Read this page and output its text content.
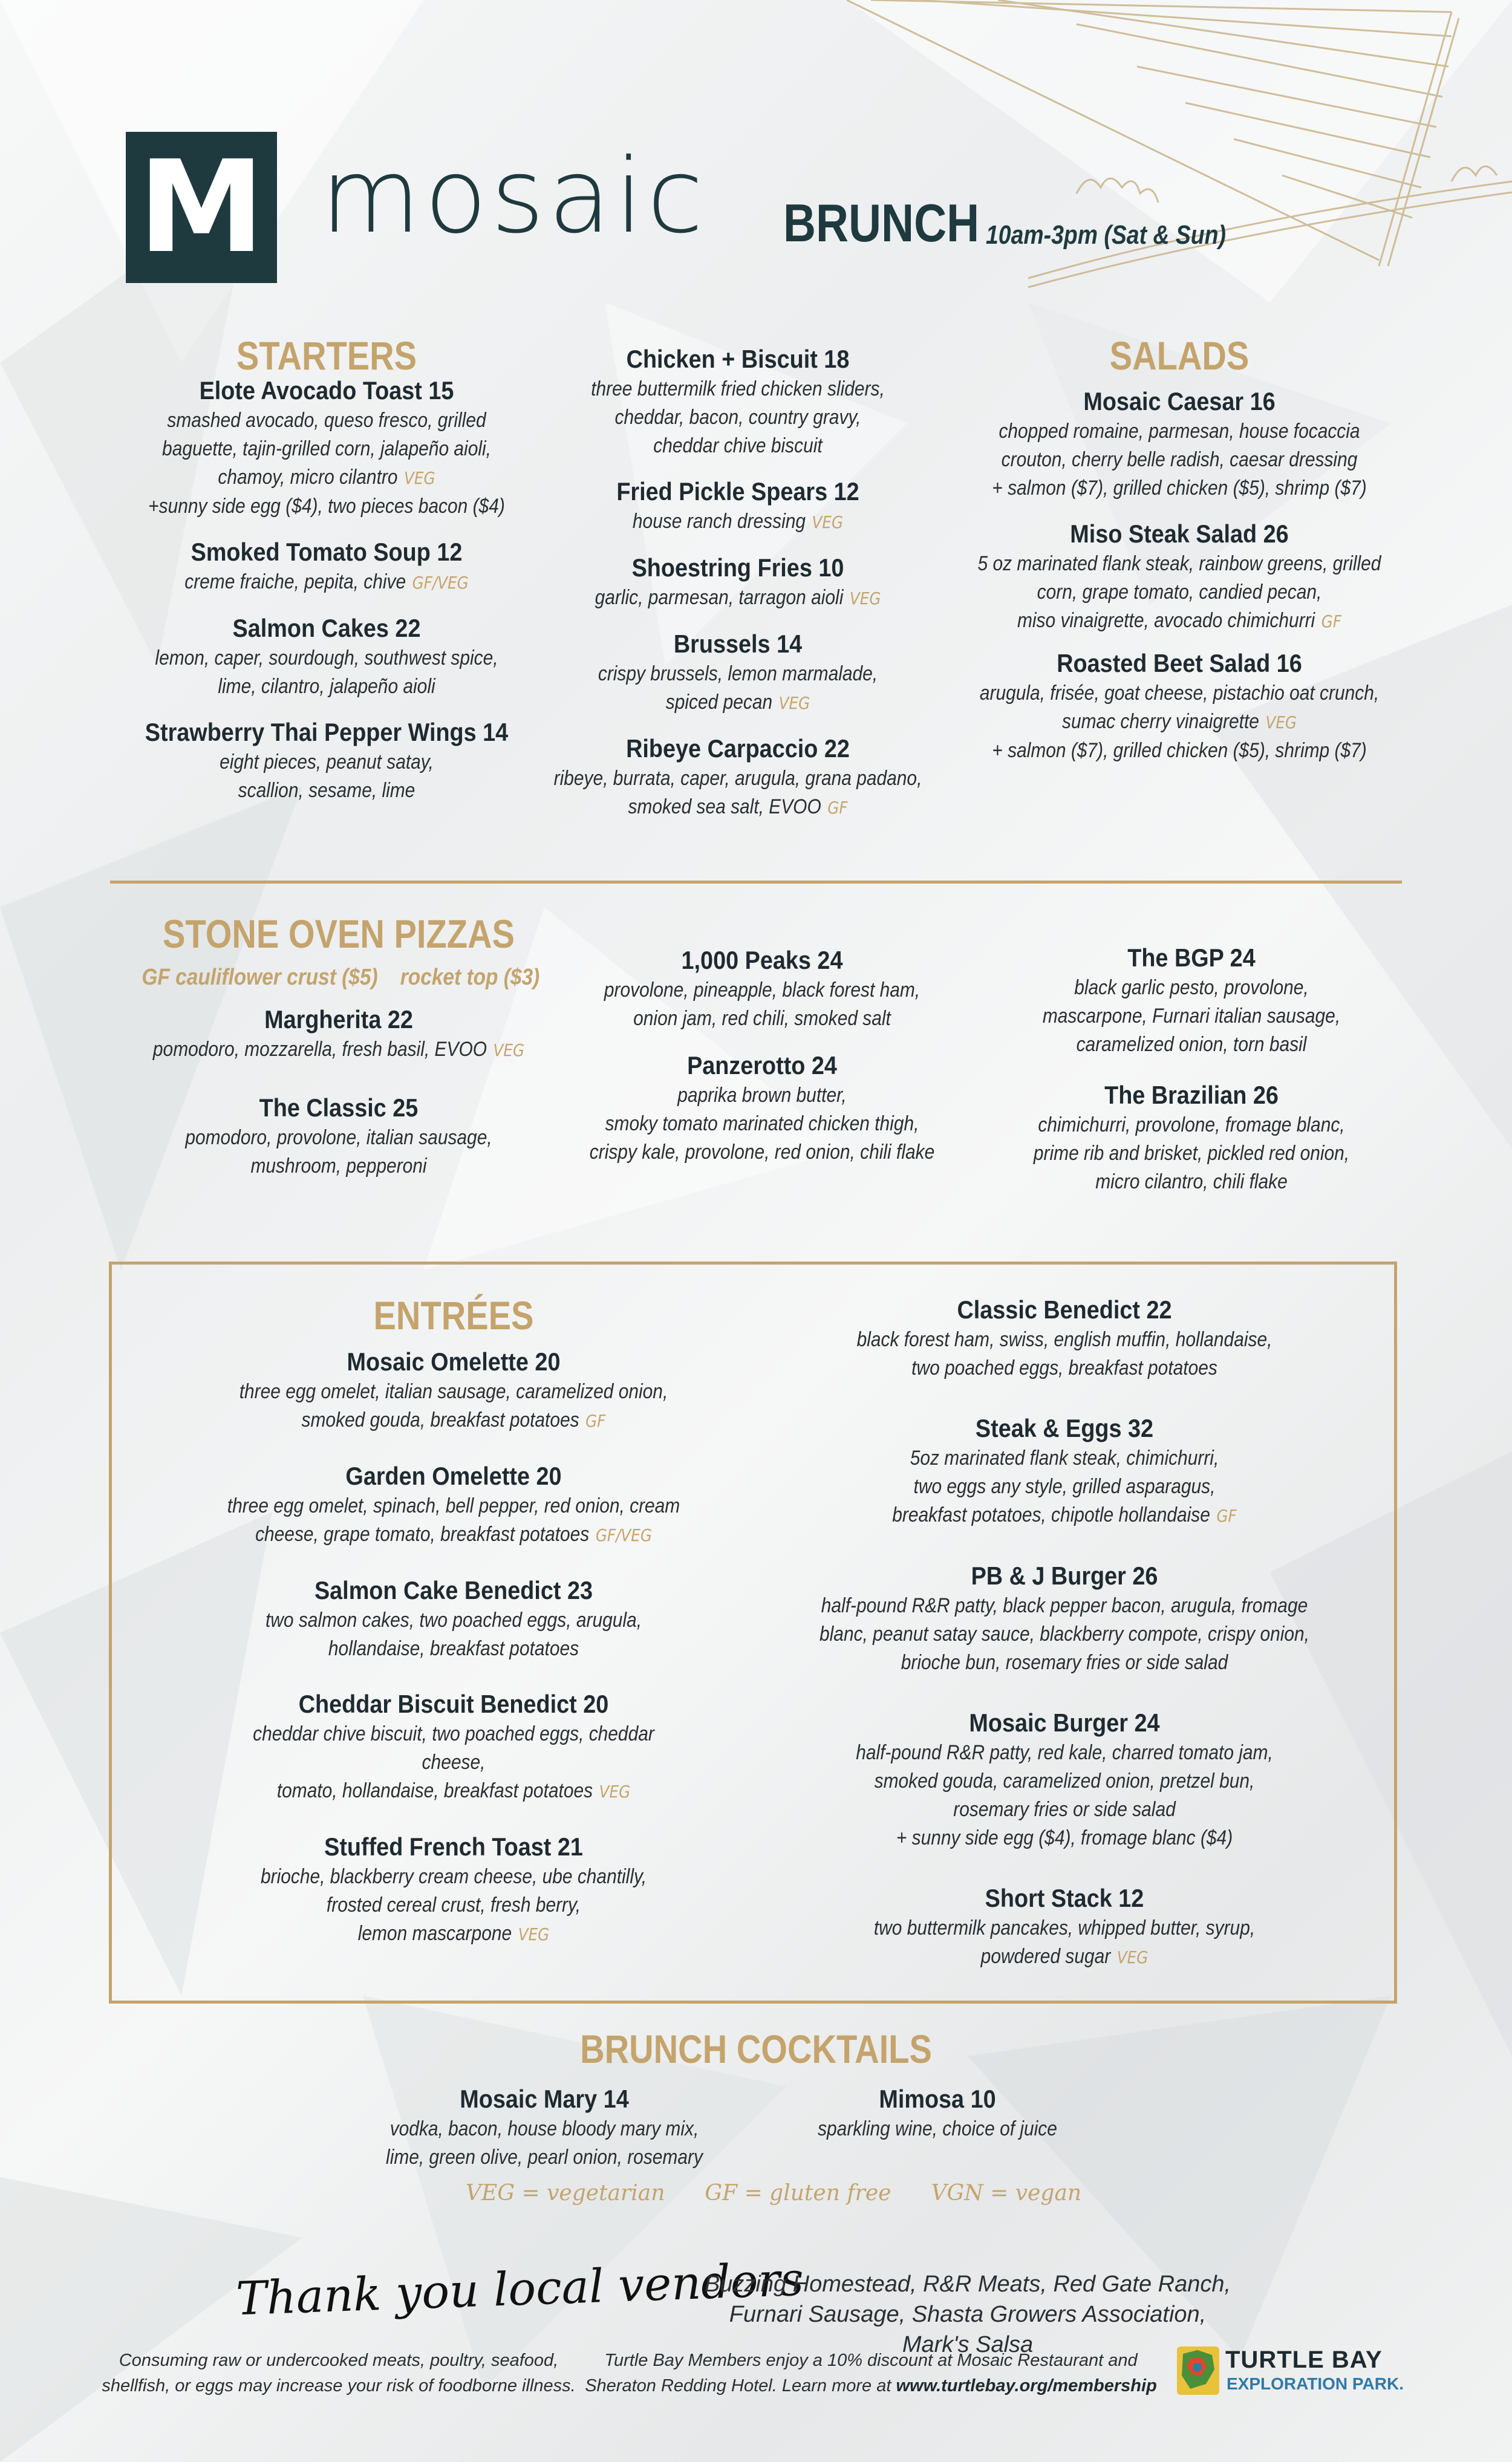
M mosaic BRUNCH 10am-3pm (Sat & Sun)
STARTERS
Elote Avocado Toast 15
smashed avocado, queso fresco, grilled
baguette, tajin-grilled corn, jalapeño aioli,
chamoy, micro cilantro VEG
+sunny side egg ($4), two pieces bacon ($4)
Smoked Tomato Soup 12
creme fraiche, pepita, chive GF/VEG
Salmon Cakes 22
lemon, caper, sourdough, southwest spice,
lime, cilantro, jalapeño aioli
Strawberry Thai Pepper Wings 14
eight pieces, peanut satay,
scallion, sesame, lime
Chicken + Biscuit 18
three buttermilk fried chicken sliders,
cheddar, bacon, country gravy,
cheddar chive biscuit
Fried Pickle Spears 12
house ranch dressing VEG
Shoestring Fries 10
garlic, parmesan, tarragon aioli VEG
Brussels 14
crispy brussels, lemon marmalade,
spiced pecan VEG
Ribeye Carpaccio 22
ribeye, burrata, caper, arugula, grana padano,
smoked sea salt, EVOO GF
SALADS
Mosaic Caesar 16
chopped romaine, parmesan, house focaccia
crouton, cherry belle radish, caesar dressing
+ salmon ($7), grilled chicken ($5), shrimp ($7)
Miso Steak Salad 26
5 oz marinated flank steak, rainbow greens, grilled
corn, grape tomato, candied pecan,
miso vinaigrette, avocado chimichurri GF
Roasted Beet Salad 16
arugula, frisée, goat cheese, pistachio oat crunch,
sumac cherry vinaigrette VEG
+ salmon ($7), grilled chicken ($5), shrimp ($7)
STONE OVEN PIZZAS
GF cauliflower crust ($5)    rocket top ($3)
Margherita 22
pomodoro, mozzarella, fresh basil, EVOO VEG
The Classic 25
pomodoro, provolone, italian sausage,
mushroom, pepperoni
1,000 Peaks 24
provolone, pineapple, black forest ham,
onion jam, red chili, smoked salt
Panzerotto 24
paprika brown butter,
smoky tomato marinated chicken thigh,
crispy kale, provolone, red onion, chili flake
The BGP 24
black garlic pesto, provolone,
mascarpone, Furnari italian sausage,
caramelized onion, torn basil
The Brazilian 26
chimichurri, provolone, fromage blanc,
prime rib and brisket, pickled red onion,
micro cilantro, chili flake
ENTRÉES
Mosaic Omelette 20
three egg omelet, italian sausage, caramelized onion,
smoked gouda, breakfast potatoes GF
Garden Omelette 20
three egg omelet, spinach, bell pepper, red onion, cream
cheese, grape tomato, breakfast potatoes GF/VEG
Salmon Cake Benedict 23
two salmon cakes, two poached eggs, arugula,
hollandaise, breakfast potatoes
Cheddar Biscuit Benedict 20
cheddar chive biscuit, two poached eggs, cheddar cheese,
tomato, hollandaise, breakfast potatoes VEG
Stuffed French Toast 21
brioche, blackberry cream cheese, ube chantilly,
frosted cereal crust, fresh berry,
lemon mascarpone VEG
Classic Benedict 22
black forest ham, swiss, english muffin, hollandaise,
two poached eggs, breakfast potatoes
Steak & Eggs 32
5oz marinated flank steak, chimichurri,
two eggs any style, grilled asparagus,
breakfast potatoes, chipotle hollandaise GF
PB & J Burger 26
half-pound R&R patty, black pepper bacon, arugula, fromage
blanc, peanut satay sauce, blackberry compote, crispy onion,
brioche bun, rosemary fries or side salad
Mosaic Burger 24
half-pound R&R patty, red kale, charred tomato jam,
smoked gouda, caramelized onion, pretzel bun,
rosemary fries or side salad
+ sunny side egg ($4), fromage blanc ($4)
Short Stack 12
two buttermilk pancakes, whipped butter, syrup,
powdered sugar VEG
BRUNCH COCKTAILS
Mosaic Mary 14
vodka, bacon, house bloody mary mix,
lime, green olive, pearl onion, rosemary
Mimosa 10
sparkling wine, choice of juice
VEG = vegetarian GF = gluten free VGN = vegan
Thank you local vendors
Buzzing Homestead, R&R Meats, Red Gate Ranch,
Furnari Sausage, Shasta Growers Association, Mark's Salsa
Consuming raw or undercooked meats, poultry, seafood,
shellfish, or eggs may increase your risk of foodborne illness.
Turtle Bay Members enjoy a 10% discount at Mosaic Restaurant and
Sheraton Redding Hotel. Learn more at www.turtlebay.org/membership
TURTLE BAY
EXPLORATION PARK.
